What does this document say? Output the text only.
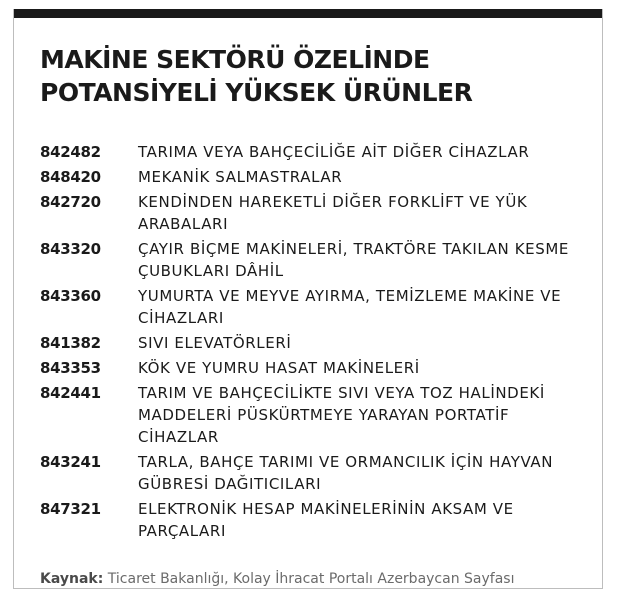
MAKİNE SEKTÖRÜ ÖZELİNDE
POTANSİYELİ YÜKSEK ÜRÜNLER
842482	TARIMA VEYA BAHÇECİLİĞE AİT DİĞER CİHAZLAR
848420	MEKANİK SALMASTRALAR
842720	KENDİNDEN HAREKETLİ DİĞER FORKLİFT VE YÜK ARABALARI
843320	ÇAYIR BİÇME MAKİNELERİ, TRAKTÖRE TAKILAN KESME ÇUBUKLARI DÂHİL
843360	YUMURTA VE MEYVE AYIRMA, TEMİZLEME MAKİNE VE CİHAZLARI
841382	SIVI ELEVATÖRLERİ
843353	KÖK VE YUMRU HASAT MAKİNELERİ
842441	TARIM VE BAHÇECİLİKTE SIVI VEYA TOZ HALİNDEKİ MADDELERİ PÜSKÜRTMEYE YARAYAN PORTATİF CİHAZLAR
843241	TARLA, BAHÇE TARIMI VE ORMANCILIK İÇİN HAYVAN GÜBRESİ DAĞITICILARI
847321	ELEKTRONİK HESAP MAKİNELERİNİN AKSAM VE PARÇALARI
Kaynak: Ticaret Bakanlığı, Kolay İhracat Portalı Azerbaycan Sayfası
